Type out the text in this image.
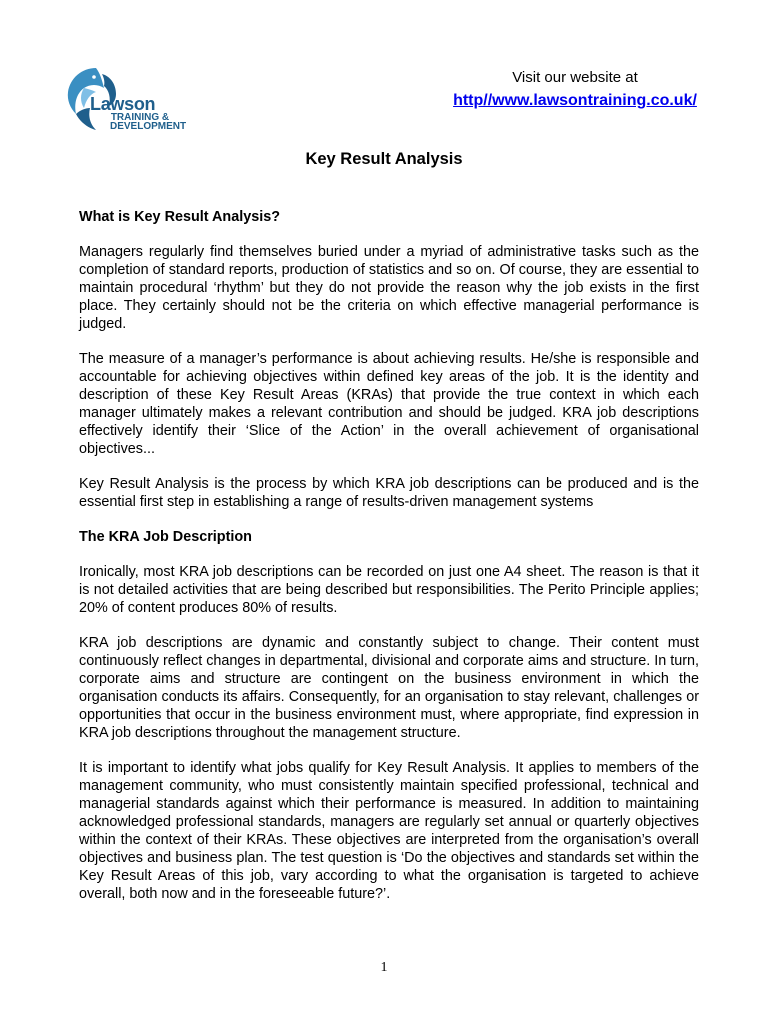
Lawson
TRAINING &
DEVELOPMENT
Visit our website at
http//www.lawsontraining.co.uk/
Key Result Analysis
What is Key Result Analysis?

Managers regularly find themselves buried under a myriad of administrative tasks such as the completion of standard reports, production of statistics and so on. Of course, they are essential to maintain procedural ‘rhythm’ but they do not provide the reason why the job exists in the first place. They certainly should not be the criteria on which effective managerial performance is judged.

The measure of a manager’s performance is about achieving results. He/she is responsible and accountable for achieving objectives within defined key areas of the job. It is the identity and description of these Key Result Areas (KRAs) that provide the true context in which each manager ultimately makes a relevant contribution and should be judged. KRA job descriptions effectively identify their ‘Slice of the Action’ in the overall achievement of organisational objectives...

Key Result Analysis is the process by which KRA job descriptions can be produced and is the essential first step in establishing a range of results-driven management systems

The KRA Job Description

Ironically, most KRA job descriptions can be recorded on just one A4 sheet. The reason is that it is not detailed activities that are being described but responsibilities. The Perito Principle applies; 20% of content produces 80% of results.

KRA job descriptions are dynamic and constantly subject to change. Their content must continuously reflect changes in departmental, divisional and corporate aims and structure. In turn, corporate aims and structure are contingent on the business environment in which the organisation conducts its affairs. Consequently, for an organisation to stay relevant, challenges or opportunities that occur in the business environment must, where appropriate, find expression in KRA job descriptions throughout the management structure.

It is important to identify what jobs qualify for Key Result Analysis. It applies to members of the management community, who must consistently maintain specified professional, technical and managerial standards against which their performance is measured. In addition to maintaining acknowledged professional standards, managers are regularly set annual or quarterly objectives within the context of their KRAs. These objectives are interpreted from the organisation’s overall objectives and business plan. The test question is ‘Do the objectives and standards set within the Key Result Areas of this job, vary according to what the organisation is targeted to achieve overall, both now and in the foreseeable future?’.

1
